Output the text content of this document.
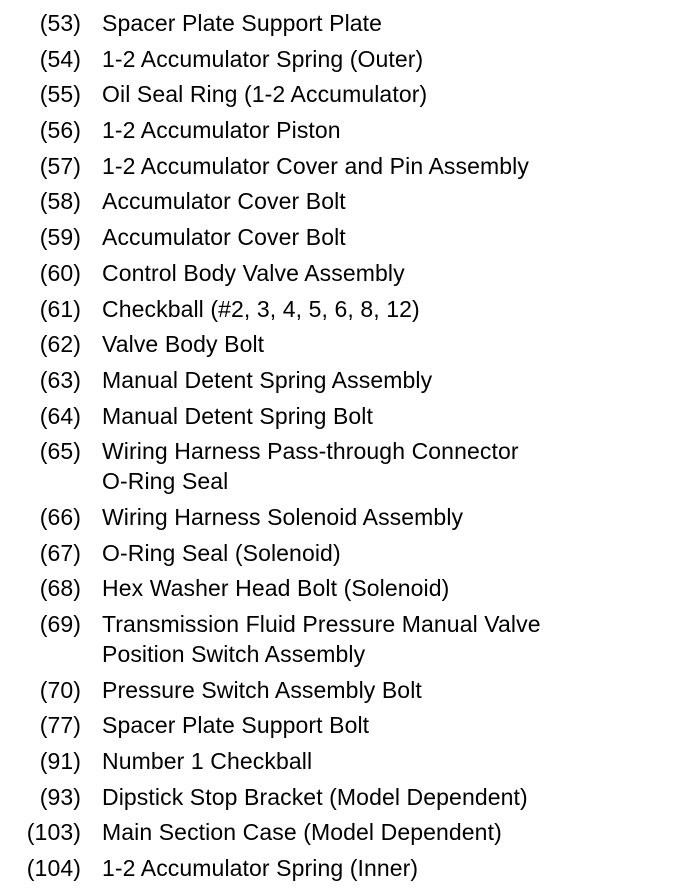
(53) Spacer Plate Support Plate
(54) 1-2 Accumulator Spring (Outer)
(55) Oil Seal Ring (1-2 Accumulator)
(56) 1-2 Accumulator Piston
(57) 1-2 Accumulator Cover and Pin Assembly
(58) Accumulator Cover Bolt
(59) Accumulator Cover Bolt
(60) Control Body Valve Assembly
(61) Checkball (#2, 3, 4, 5, 6, 8, 12)
(62) Valve Body Bolt
(63) Manual Detent Spring Assembly
(64) Manual Detent Spring Bolt
(65) Wiring Harness Pass-through Connector
O-Ring Seal
(66) Wiring Harness Solenoid Assembly
(67) O-Ring Seal (Solenoid)
(68) Hex Washer Head Bolt (Solenoid)
(69) Transmission Fluid Pressure Manual Valve
Position Switch Assembly
(70) Pressure Switch Assembly Bolt
(77) Spacer Plate Support Bolt
(91) Number 1 Checkball
(93) Dipstick Stop Bracket (Model Dependent)
(103) Main Section Case (Model Dependent)
(104) 1-2 Accumulator Spring (Inner)
